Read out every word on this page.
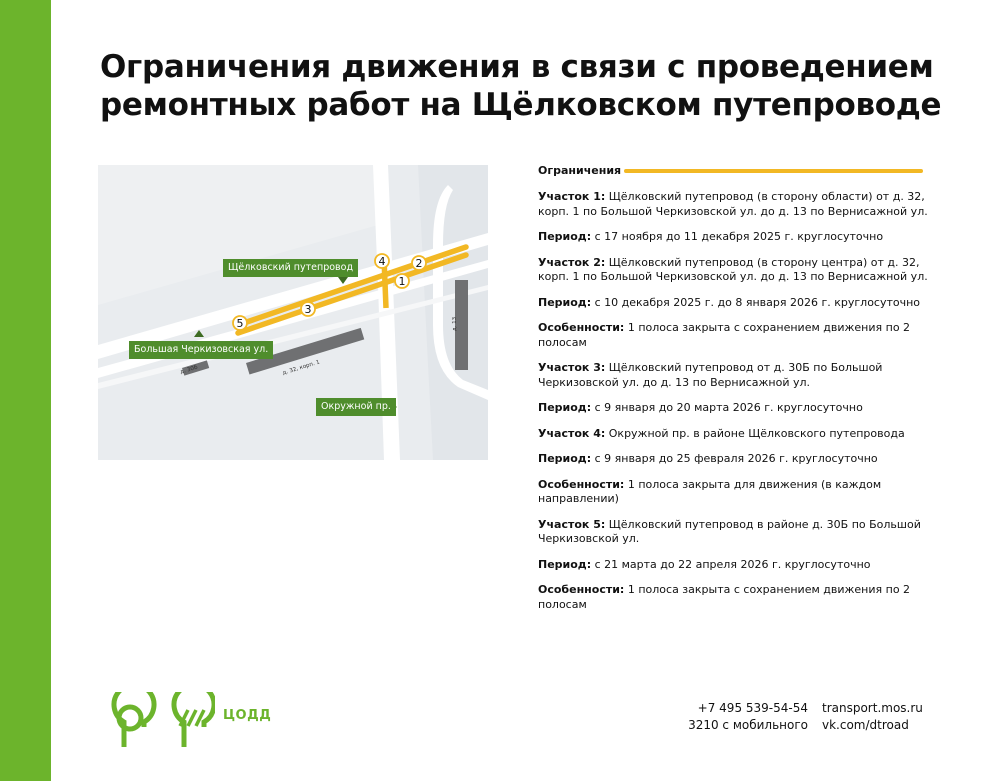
Ограничения движения в связи с проведением
ремонтных работ на Щёлковском путепроводе
Щёлковский путепровод
Большая Черкизовская ул.
Окружной пр.
д. 30Б	д. 32, корп. 1
д. 13
1
2
3
4
5
Ограничения

Участок 1: Щёлковский путепровод (в сторону области) от д. 32, корп. 1 по Большой Черкизовской ул. до д. 13 по Вернисажной ул.

Период: с 17 ноября до 11 декабря 2025 г. круглосуточно

Участок 2: Щёлковский путепровод (в сторону центра) от д. 32, корп. 1 по Большой Черкизовской ул. до д. 13 по Вернисажной ул.

Период: с 10 декабря 2025 г. до 8 января 2026 г. круглосуточно

Особенности: 1 полоса закрыта с сохранением движения по 2 полосам

Участок 3: Щёлковский путепровод от д. 30Б по Большой Черкизовской ул. до д. 13 по Вернисажной ул.

Период: с 9 января до 20 марта 2026 г. круглосуточно

Участок 4: Окружной пр. в районе Щёлковского путепровода

Период: с 9 января до 25 февраля 2026 г. круглосуточно

Особенности: 1 полоса закрыта для движения (в каждом направлении)

Участок 5: Щёлковский путепровод в районе д. 30Б по Большой Черкизовской ул.

Период: с 21 марта до 22 апреля 2026 г. круглосуточно

Особенности: 1 полоса закрыта с сохранением движения по 2 полосам

ЦОДД	+7 495 539-54-54
3210 с мобильного
transport.mos.ru
vk.com/dtroad
